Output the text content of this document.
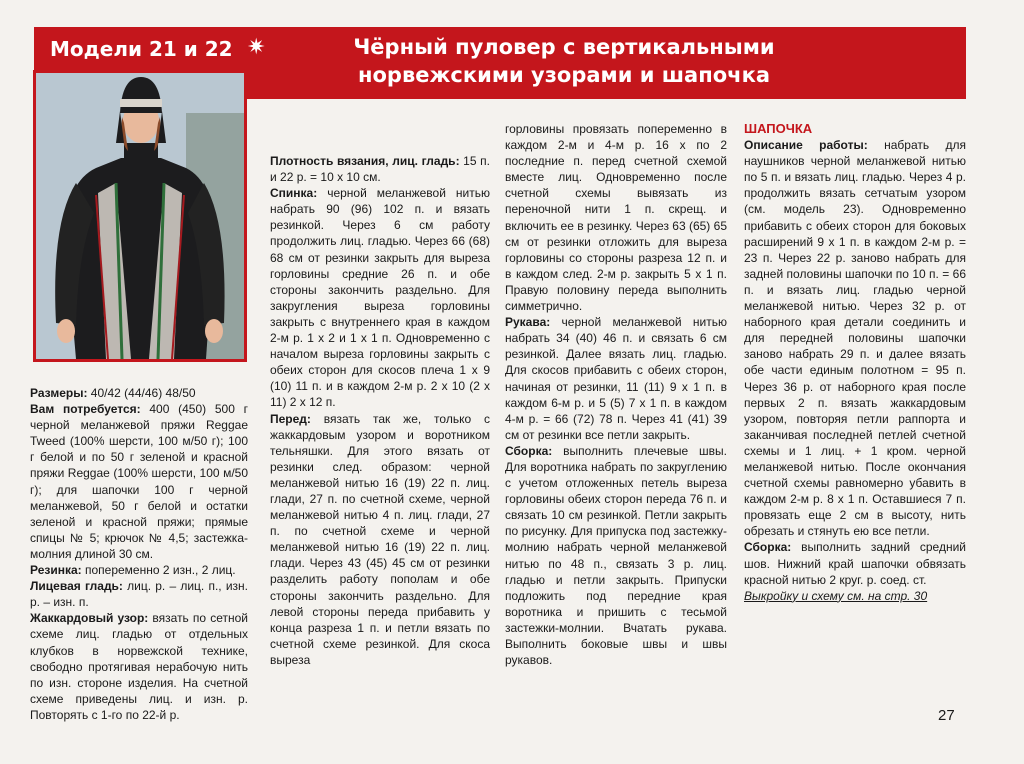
Модели 21 и 22 ✷	Чёрный пуловер с вертикальными
норвежскими узорами и шапочка

Размеры: 40/42 (44/46) 48/50

Вам потребуется: 400 (450) 500 г черной меланжевой пряжи Reggae Tweed (100% шерсти, 100 м/50 г); 100 г белой и по 50 г зеленой и красной пряжи Reggae (100% шерсти, 100 м/50 г); для шапочки 100 г черной меланжевой, 50 г белой и остатки зеленой и красной пряжи; прямые спицы № 5; крючок № 4,5; застежка-молния длиной 30 см.

Резинка: попеременно 2 изн., 2 лиц.

Лицевая гладь: лиц. р. – лиц. п., изн. р. – изн. п.

Жаккардовый узор: вязать по сетной схеме лиц. гладью от отдельных клубков в норвежской технике, свободно протягивая нерабочую нить по изн. стороне изделия. На счетной схеме приведены лиц. и изн. р. Повторять с 1-го по 22-й р.

Плотность вязания, лиц. гладь: 15 п. и 22 р. = 10 х 10 см.

Спинка: черной меланжевой нитью набрать 90 (96) 102 п. и вязать резинкой. Через 6 см работу продолжить лиц. гладью. Через 66 (68) 68 см от резинки закрыть для выреза горловины средние 26 п. и обе стороны закончить раздельно. Для закругления выреза горловины закрыть с внутреннего края в каждом 2-м р. 1 х 2 и 1 х 1 п. Одновременно с началом выреза горловины закрыть с обеих сторон для скосов плеча 1 х 9 (10) 11 п. и в каждом 2-м р. 2 х 10 (2 х 11) 2 х 12 п.

Перед: вязать так же, только с жаккардовым узором и воротником тельняшки. Для этого вязать от резинки след. образом: черной меланжевой нитью 16 (19) 22 п. лиц. глади, 27 п. по счетной схеме, черной меланжевой нитью 4 п. лиц. глади, 27 п. по счетной схеме и черной меланжевой нитью 16 (19) 22 п. лиц. глади. Через 43 (45) 45 см от резинки разделить работу пополам и обе стороны закончить раздельно. Для левой стороны переда прибавить у конца разреза 1 п. и петли вязать по счетной схеме резинкой. Для скоса выреза

горловины провязать попеременно в каждом 2-м и 4-м р. 16 х по 2 последние п. перед счетной схемой вместе лиц. Одновременно после счетной схемы вывязать из переночной нити 1 п. скрещ. и включить ее в резинку. Через 63 (65) 65 см от резинки отложить для выреза горловины со стороны разреза 12 п. и в каждом след. 2-м р. закрыть 5 х 1 п. Правую половину переда выполнить симметрично.

Рукава: черной меланжевой нитью набрать 34 (40) 46 п. и связать 6 см резинкой. Далее вязать лиц. гладью. Для скосов прибавить с обеих сторон, начиная от резинки, 11 (11) 9 х 1 п. в каждом 6-м р. и 5 (5) 7 х 1 п. в каждом 4-м р. = 66 (72) 78 п. Через 41 (41) 39 см от резинки все петли закрыть.

Сборка: выполнить плечевые швы. Для воротника набрать по закруглению с учетом отложенных петель выреза горловины обеих сторон переда 76 п. и связать 10 см резинкой. Петли закрыть по рисунку. Для припуска под застежку-молнию набрать черной меланжевой нитью по 48 п., связать 3 р. лиц. гладью и петли закрыть. Припуски подложить под передние края воротника и пришить с тесьмой застежки-молнии. Вчатать рукава. Выполнить боковые швы и швы рукавов.

ШАПОЧКА

Описание работы: набрать для наушников черной меланжевой нитью по 5 п. и вязать лиц. гладью. Через 4 р. продолжить вязать сетчатым узором (см. модель 23). Одновременно прибавить с обеих сторон для боковых расширений 9 х 1 п. в каждом 2-м р. = 23 п. Через 22 р. заново набрать для задней половины шапочки по 10 п. = 66 п. и вязать лиц. гладью черной меланжевой нитью. Через 32 р. от наборного края детали соединить и для передней половины шапочки заново набрать 29 п. и далее вязать обе части единым полотном = 95 п. Через 36 р. от наборного края после первых 2 п. вязать жаккардовым узором, повторяя петли раппорта и заканчивая последней петлей счетной схемы и 1 лиц. + 1 кром. черной меланжевой нитью. После окончания счетной схемы равномерно убавить в каждом 2-м р. 8 х 1 п. Оставшиеся 7 п. провязать еще 2 см в высоту, нить обрезать и стянуть ею все петли.

Сборка: выполнить задний средний шов. Нижний край шапочки обвязать красной нитью 2 круг. р. соед. ст.

Выкройку и схему см. на стр. 30

27
